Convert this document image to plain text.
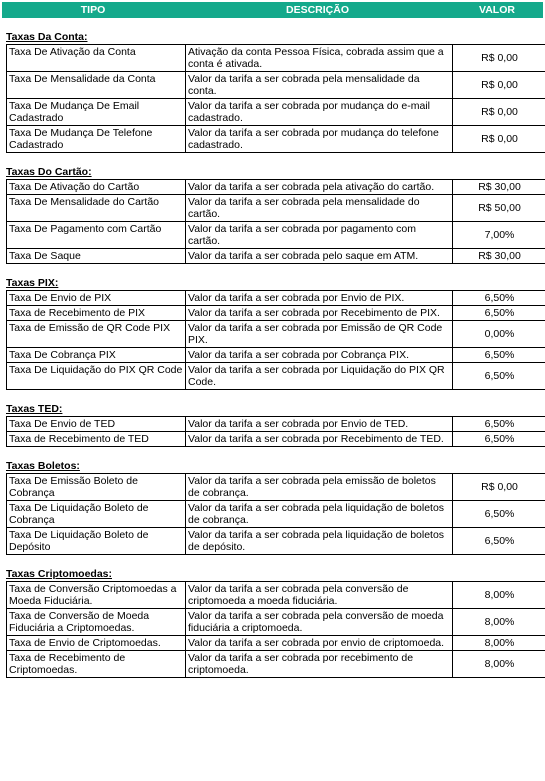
TIPO	DESCRIÇÃO	VALOR
Taxas Da Conta:
Taxa De Ativação da Conta	Ativação da conta Pessoa Física, cobrada assim que a conta é ativada.	R$ 0,00
Taxa De Mensalidade da Conta	Valor da tarifa a ser cobrada pela mensalidade da conta.	R$ 0,00
Taxa De Mudança De Email Cadastrado	Valor da tarifa a ser cobrada por mudança do e-mail cadastrado.	R$ 0,00
Taxa De Mudança De Telefone Cadastrado	Valor da tarifa a ser cobrada por mudança do telefone cadastrado.	R$ 0,00
Taxas Do Cartão:
Taxa De Ativação do Cartão	Valor da tarifa a ser cobrada pela ativação do cartão.	R$ 30,00
Taxa De Mensalidade do Cartão	Valor da tarifa a ser cobrada pela mensalidade do cartão.	R$ 50,00
Taxa De Pagamento com Cartão	Valor da tarifa a ser cobrada por pagamento com cartão.	7,00%
Taxa De Saque	Valor da tarifa a ser cobrada pelo saque em ATM.	R$ 30,00
Taxas PIX:
Taxa De Envio de PIX	Valor da tarifa a ser cobrada por Envio de PIX.	6,50%
Taxa de Recebimento de PIX	Valor da tarifa a ser cobrada por Recebimento de PIX.	6,50%
Taxa de Emissão de QR Code PIX	Valor da tarifa a ser cobrada por Emissão de QR Code PIX.	0,00%
Taxa De Cobrança PIX	Valor da tarifa a ser cobrada por Cobrança PIX.	6,50%
Taxa De Liquidação do PIX QR Code	Valor da tarifa a ser cobrada por Liquidação do PIX QR Code.	6,50%
Taxas TED:
Taxa De Envio de TED	Valor da tarifa a ser cobrada por Envio de TED.	6,50%
Taxa de Recebimento de TED	Valor da tarifa a ser cobrada por Recebimento de TED.	6,50%
Taxas Boletos:
Taxa De Emissão Boleto de Cobrança	Valor da tarifa a ser cobrada pela emissão de boletos de cobrança.	R$ 0,00
Taxa De Liquidação Boleto de Cobrança	Valor da tarifa a ser cobrada pela liquidação de boletos de cobrança.	6,50%
Taxa De Liquidação Boleto de Depósito	Valor da tarifa a ser cobrada pela liquidação de boletos de depósito.	6,50%
Taxas Criptomoedas:
Taxa de Conversão Criptomoedas a Moeda Fiduciária.	Valor da tarifa a ser cobrada pela conversão de criptomoeda a moeda fiduciária.	8,00%
Taxa de Conversão de Moeda Fiduciária a Criptomoedas.	Valor da tarifa a ser cobrada pela conversão de moeda fiduciária a criptomoeda.	8,00%
Taxa de Envio de Criptomoedas.	Valor da tarifa a ser cobrada por envio de criptomoeda.	8,00%
Taxa de Recebimento de Criptomoedas.	Valor da tarifa a ser cobrada por recebimento de criptomoeda.	8,00%
